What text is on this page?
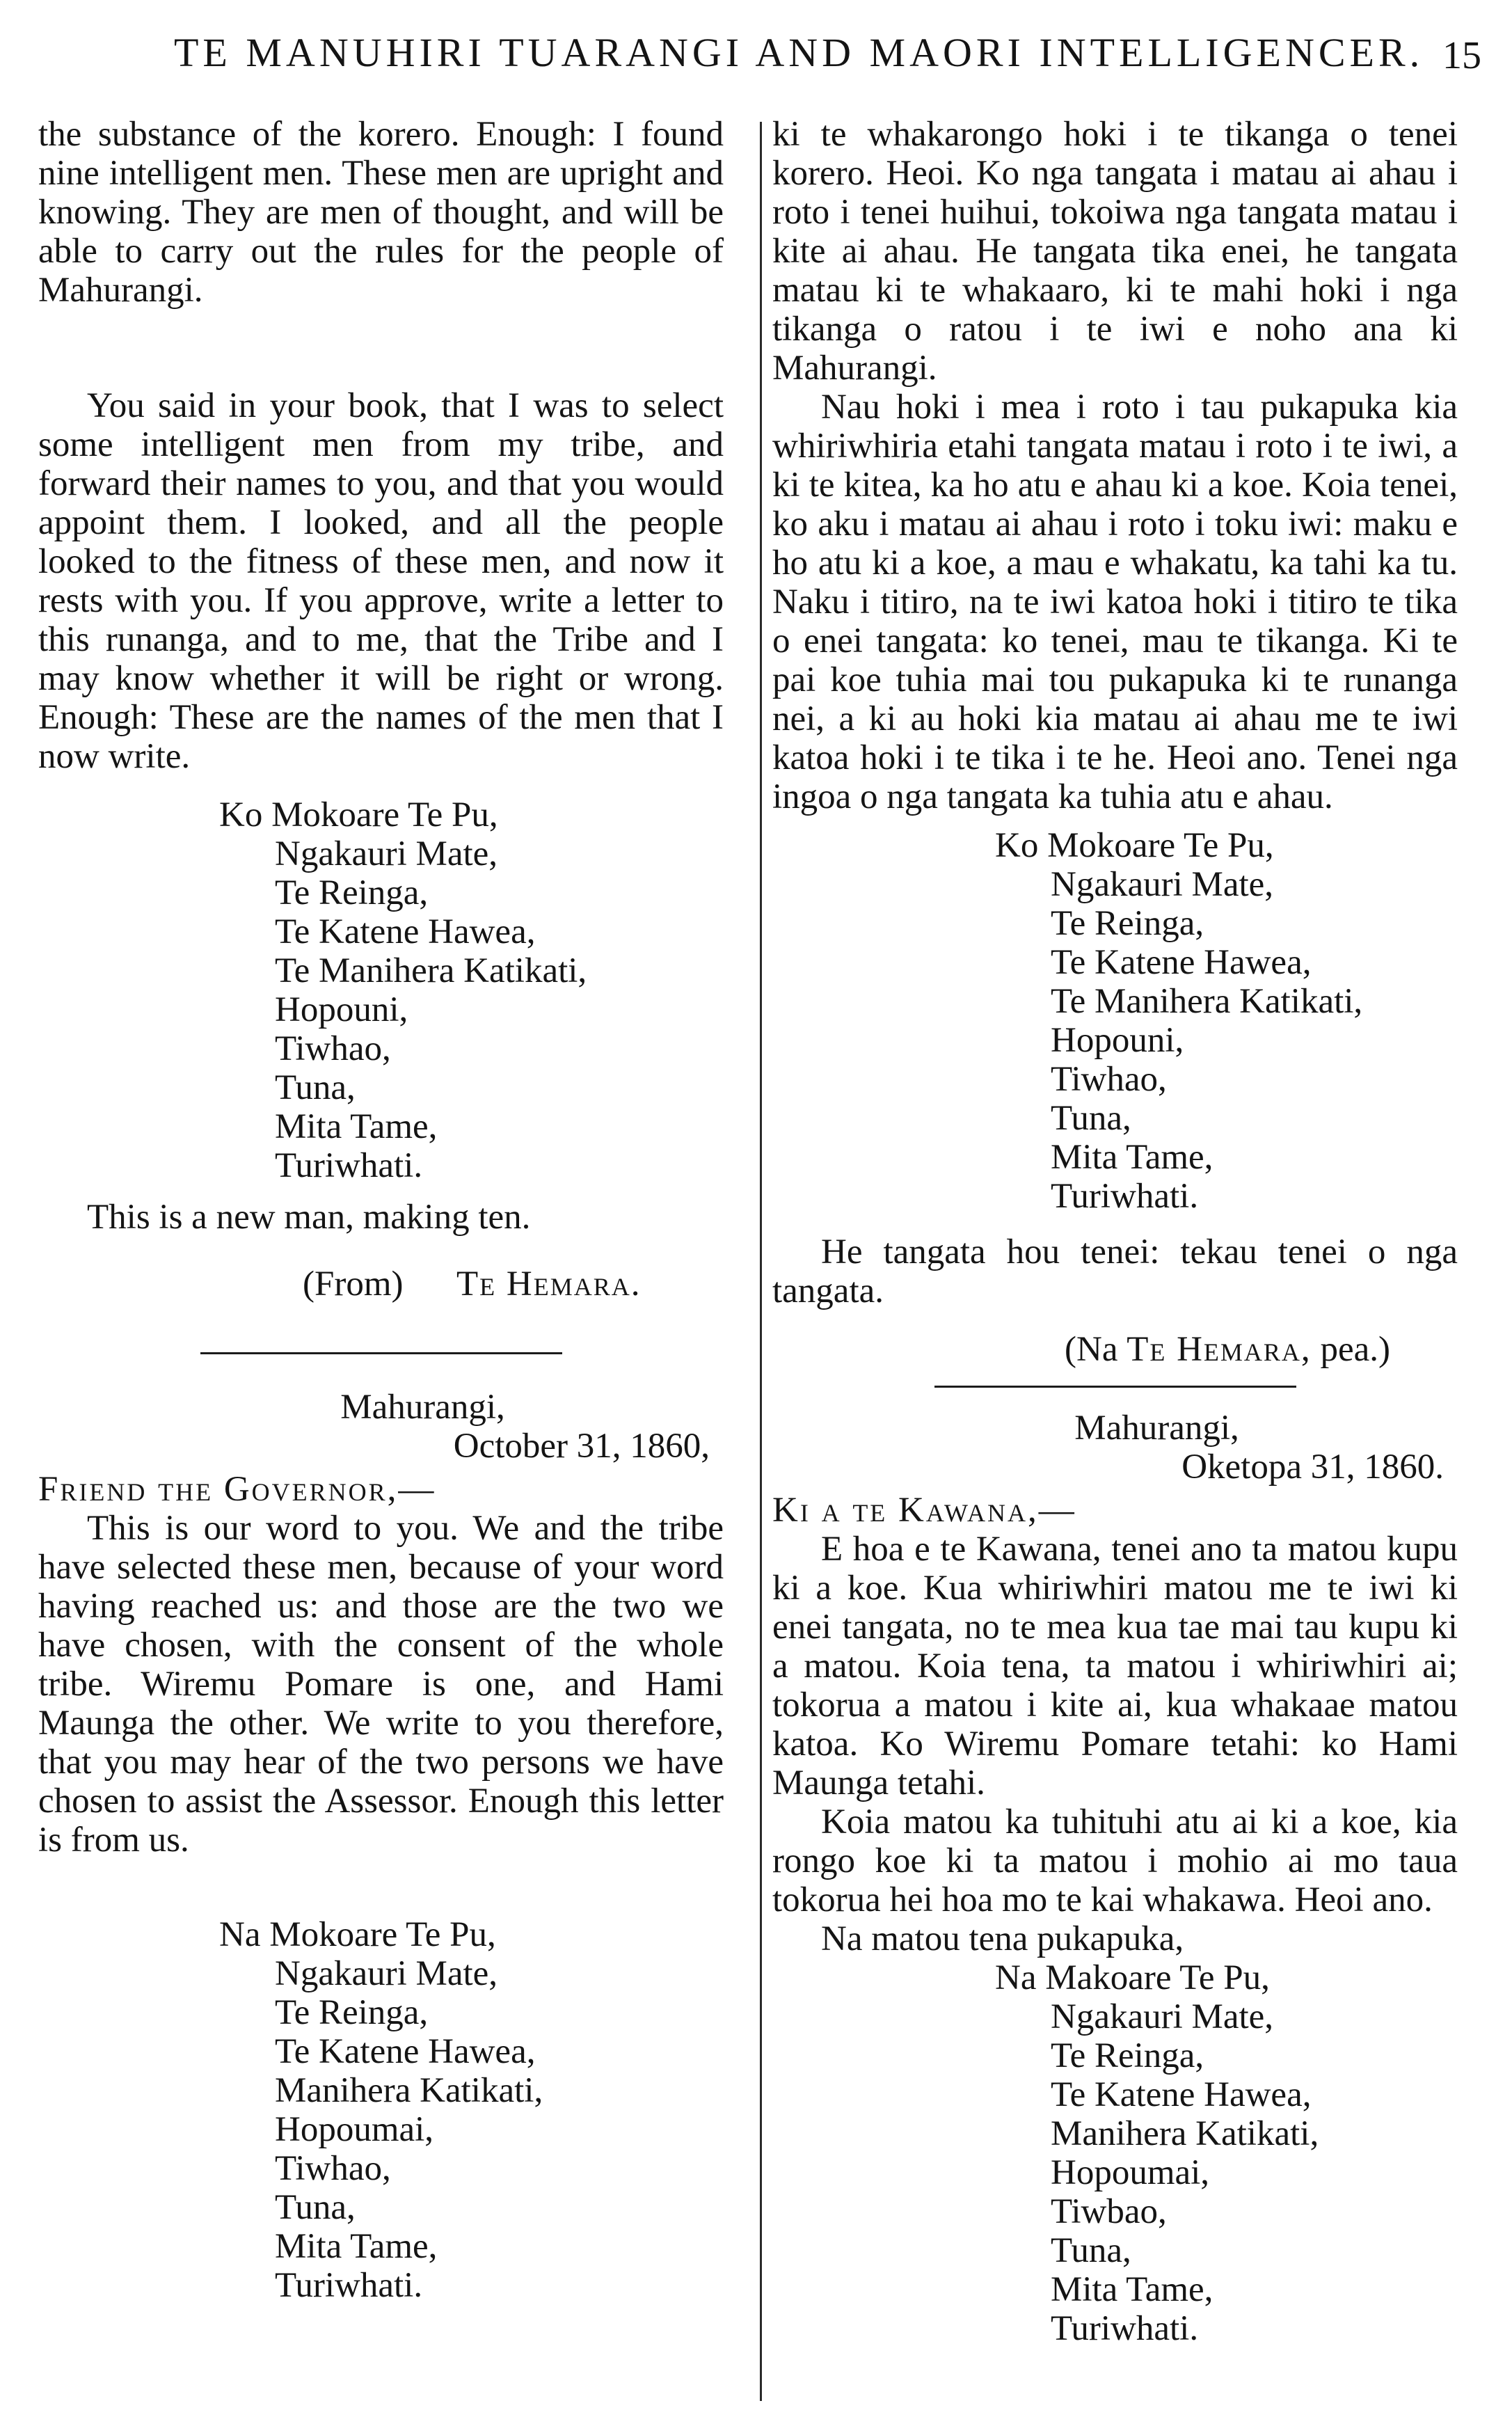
TE MANUHIRI TUARANGI AND MAORI INTELLIGENCER. 15

the substance of the korero. Enough: I found nine intelligent men. These men are upright and knowing. They are men of thought, and will be able to carry out the rules for the people of Mahurangi.

You said in your book, that I was to select some intelligent men from my tribe, and forward their names to you, and that you would appoint them. I looked, and all the people looked to the fitness of these men, and now it rests with you. If you approve, write a letter to this runanga, and to me, that the Tribe and I may know whether it will be right or wrong. Enough: These are the names of the men that I now write.

Ko Mokoare Te Pu,
Ngakauri Mate,
Te Reinga,
Te Katene Hawea,
Te Manihera Katikati,
Hopouni,
Tiwhao,
Tuna,
Mita Tame,
Turiwhati.

This is a new man, making ten.

(From) Te Hemara.

Mahurangi,

October 31, 1860,

Friend the Governor,—

This is our word to you. We and the tribe have selected these men, because of your word having reached us: and those are the two we have chosen, with the consent of the whole tribe. Wiremu Pomare is one, and Hami Maunga the other. We write to you therefore, that you may hear of the two persons we have chosen to assist the Assessor. Enough this letter is from us.

Na Mokoare Te Pu,
Ngakauri Mate,
Te Reinga,
Te Katene Hawea,
Manihera Katikati,
Hopoumai,
Tiwhao,
Tuna,
Mita Tame,
Turiwhati.

ki te whakarongo hoki i te tikanga o tenei korero. Heoi. Ko nga tangata i matau ai ahau i roto i tenei huihui, tokoiwa nga tangata matau i kite ai ahau. He tangata tika enei, he tangata matau ki te whakaaro, ki te mahi hoki i nga tikanga o ratou i te iwi e noho ana ki Mahurangi.

Nau hoki i mea i roto i tau pukapuka kia whiriwhiria etahi tangata matau i roto i te iwi, a ki te kitea, ka ho atu e ahau ki a koe. Koia tenei, ko aku i matau ai ahau i roto i toku iwi: maku e ho atu ki a koe, a mau e whakatu, ka tahi ka tu. Naku i titiro, na te iwi katoa hoki i titiro te tika o enei tangata: ko tenei, mau te tikanga. Ki te pai koe tuhia mai tou pukapuka ki te runanga nei, a ki au hoki kia matau ai ahau me te iwi katoa hoki i te tika i te he. Heoi ano. Tenei nga ingoa o nga tangata ka tuhia atu e ahau.

Ko Mokoare Te Pu,
Ngakauri Mate,
Te Reinga,
Te Katene Hawea,
Te Manihera Katikati,
Hopouni,
Tiwhao,
Tuna,
Mita Tame,
Turiwhati.

He tangata hou tenei: tekau tenei o nga tangata.

(Na Te Hemara, pea.)

Mahurangi,

Oketopa 31, 1860.

Ki a te Kawana,—

E hoa e te Kawana, tenei ano ta matou kupu ki a koe. Kua whiriwhiri matou me te iwi ki enei tangata, no te mea kua tae mai tau kupu ki a matou. Koia tena, ta matou i whiriwhiri ai; tokorua a matou i kite ai, kua whakaae matou katoa. Ko Wiremu Pomare tetahi: ko Hami Maunga tetahi.

Koia matou ka tuhituhi atu ai ki a koe, kia rongo koe ki ta matou i mohio ai mo taua tokorua hei hoa mo te kai whakawa. Heoi ano.

Na matou tena pukapuka,

Na Makoare Te Pu,
Ngakauri Mate,
Te Reinga,
Te Katene Hawea,
Manihera Katikati,
Hopoumai,
Tiwbao,
Tuna,
Mita Tame,
Turiwhati.
